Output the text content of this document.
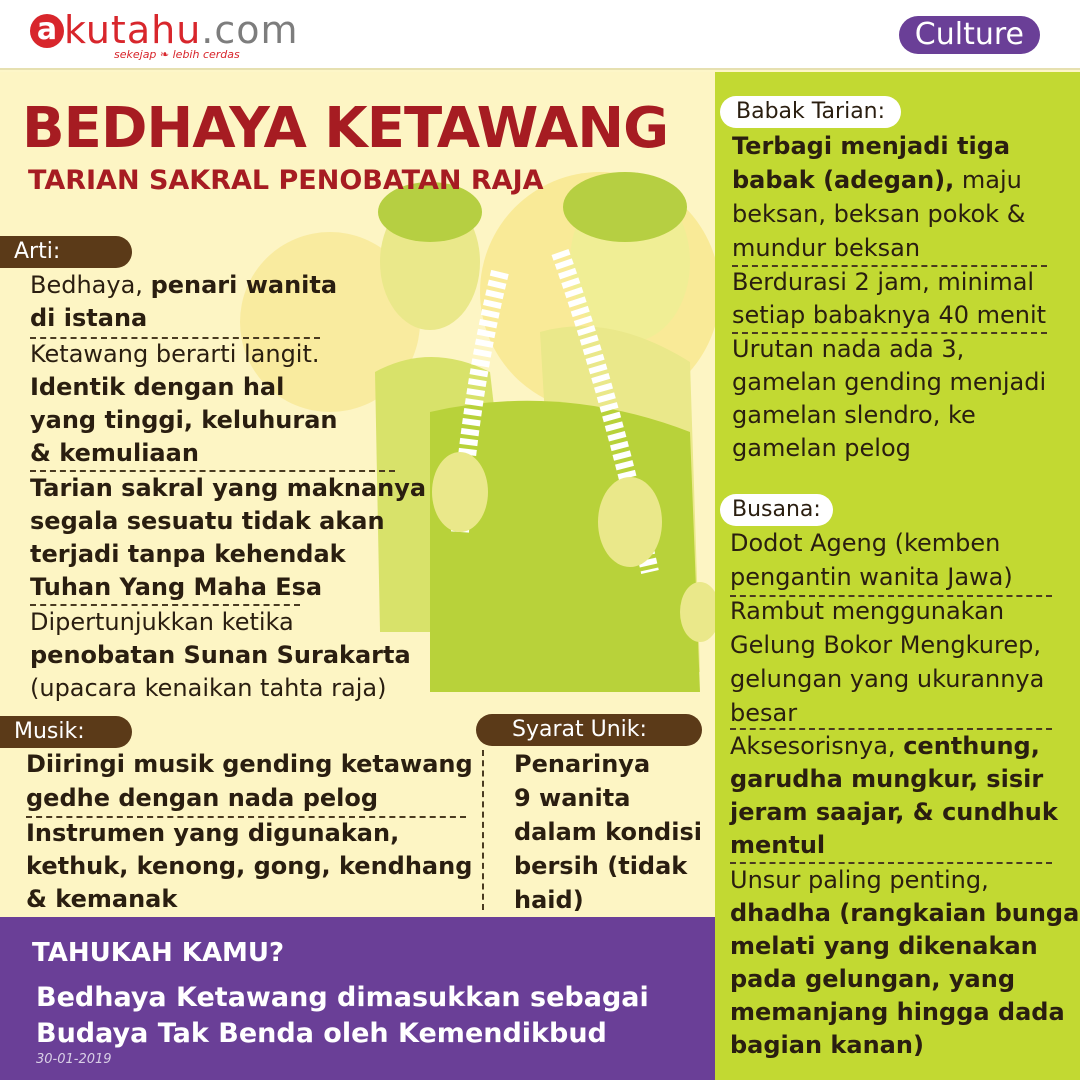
a kutahu.com
sekejap ❧ lebih cerdas
Culture
BEDHAYA KETAWANG
TARIAN SAKRAL PENOBATAN RAJA
Arti:
Bedhaya, penari wanita
di istana
Ketawang berarti langit.
Identik dengan hal
yang tinggi, keluhuran
& kemuliaan
Tarian sakral yang maknanya
segala sesuatu tidak akan
terjadi tanpa kehendak
Tuhan Yang Maha Esa
Dipertunjukkan ketika
penobatan Sunan Surakarta
(upacara kenaikan tahta raja)
Musik:
Diiringi musik gending ketawang
gedhe dengan nada pelog
Instrumen yang digunakan,
kethuk, kenong, gong, kendhang
& kemanak
Syarat Unik:
Penarinya
9 wanita
dalam kondisi
bersih (tidak
haid)
Babak Tarian:
Terbagi menjadi tiga
babak (adegan), maju
beksan, beksan pokok &
mundur beksan
Berdurasi 2 jam, minimal
setiap babaknya 40 menit
Urutan nada ada 3,
gamelan gending menjadi
gamelan slendro, ke
gamelan pelog
Busana:
Dodot Ageng (kemben
pengantin wanita Jawa)
Rambut menggunakan
Gelung Bokor Mengkurep,
gelungan yang ukurannya
besar
Aksesorisnya, centhung,
garudha mungkur, sisir
jeram saajar, & cundhuk
mentul
Unsur paling penting,
dhadha (rangkaian bunga
melati yang dikenakan
pada gelungan, yang
memanjang hingga dada
bagian kanan)
TAHUKAH KAMU?
Bedhaya Ketawang dimasukkan sebagai
Budaya Tak Benda oleh Kemendikbud
30-01-2019
